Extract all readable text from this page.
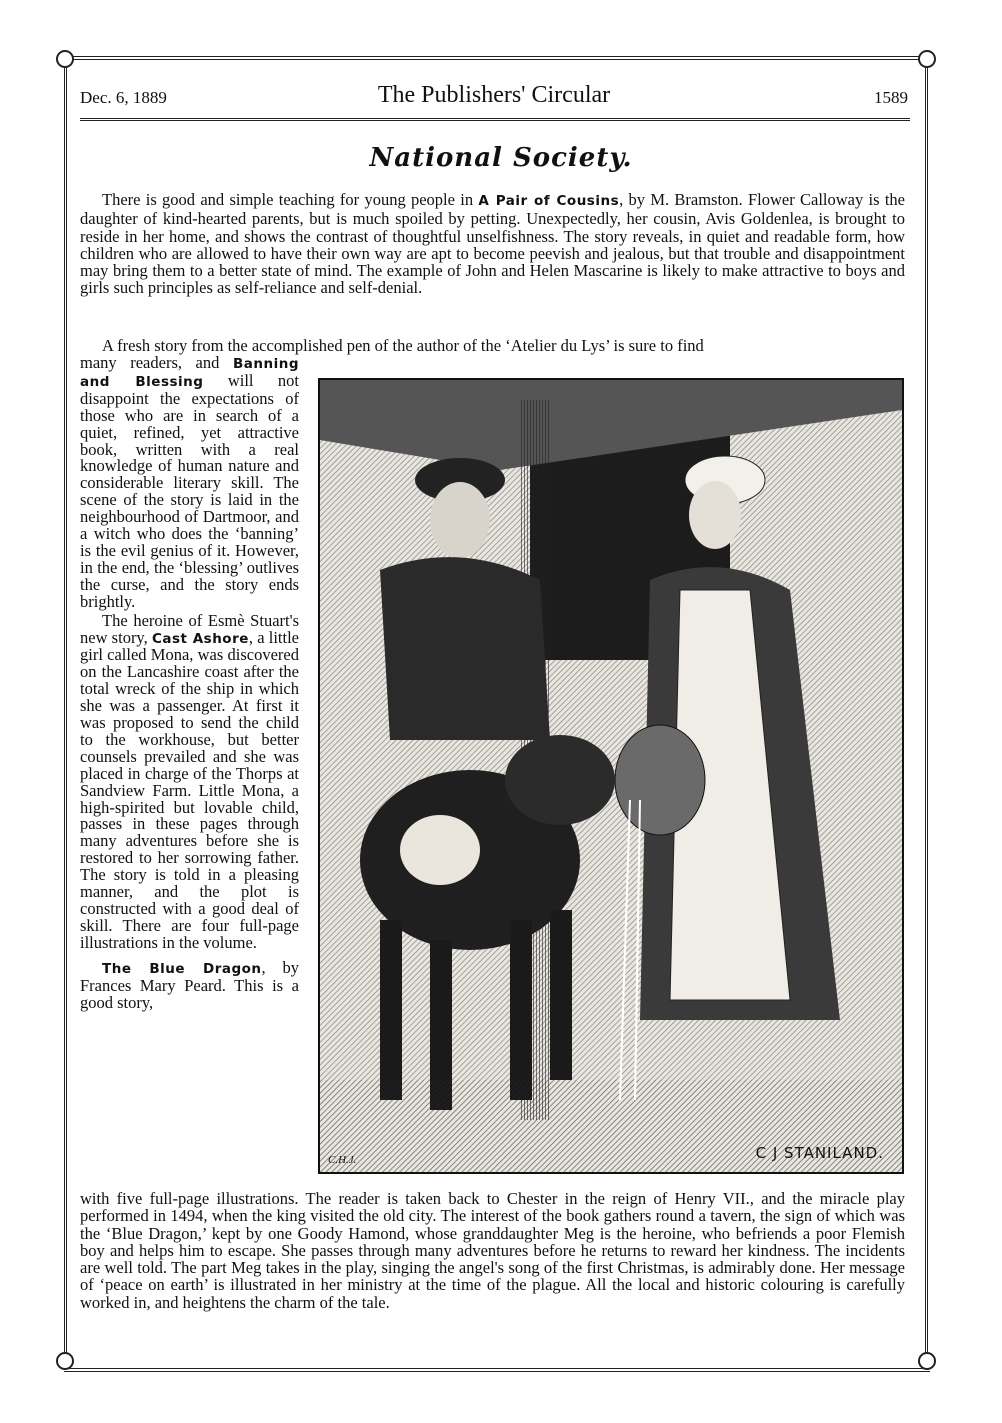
Dec. 6, 1889	The Publishers' Circular	1589
National Society.
There is good and simple teaching for young people in A Pair of Cousins, by M. Bramston. Flower Calloway is the daughter of kind-hearted parents, but is much spoiled by petting. Unexpectedly, her cousin, Avis Goldenlea, is brought to reside in her home, and shows the contrast of thoughtful unselfishness. The story reveals, in quiet and readable form, how children who are allowed to have their own way are apt to become peevish and jealous, but that trouble and disappointment may bring them to a better state of mind. The example of John and Helen Mascarine is likely to make attractive to boys and girls such principles as self-reliance and self-denial.
A fresh story from the accomplished pen of the author of the ‘Atelier du Lys’ is sure to find

many readers, and Banning and Blessing will not disappoint the expectations of those who are in search of a quiet, refined, yet attractive book, written with a real knowledge of human nature and considerable literary skill. The scene of the story is laid in the neighbourhood of Dartmoor, and a witch who does the ‘banning’ is the evil genius of it. However, in the end, the ‘blessing’ outlives the curse, and the story ends brightly.

The heroine of Esmè Stuart's new story, Cast Ashore, a little girl called Mona, was discovered on the Lancashire coast after the total wreck of the ship in which she was a passenger. At first it was proposed to send the child to the workhouse, but better counsels prevailed and she was placed in charge of the Thorps at Sandview Farm. Little Mona, a high-spirited but lovable child, passes in these pages through many adventures before she is restored to her sorrowing father. The story is told in a pleasing manner, and the plot is constructed with a good deal of skill. There are four full-page illustrations in the volume.

The Blue Dragon, by Frances Mary Peard. This is a good story,

C.H.J.	C J STANILAND.
with five full-page illustrations. The reader is taken back to Chester in the reign of Henry VII., and the miracle play performed in 1494, when the king visited the old city. The interest of the book gathers round a tavern, the sign of which was the ‘Blue Dragon,’ kept by one Goody Hamond, whose granddaughter Meg is the heroine, who befriends a poor Flemish boy and helps him to escape. She passes through many adventures before he returns to reward her kindness. The incidents are well told. The part Meg takes in the play, singing the angel's song of the first Christmas, is admirably done. Her message of ‘peace on earth’ is illustrated in her ministry at the time of the plague. All the local and historic colouring is carefully worked in, and heightens the charm of the tale.
